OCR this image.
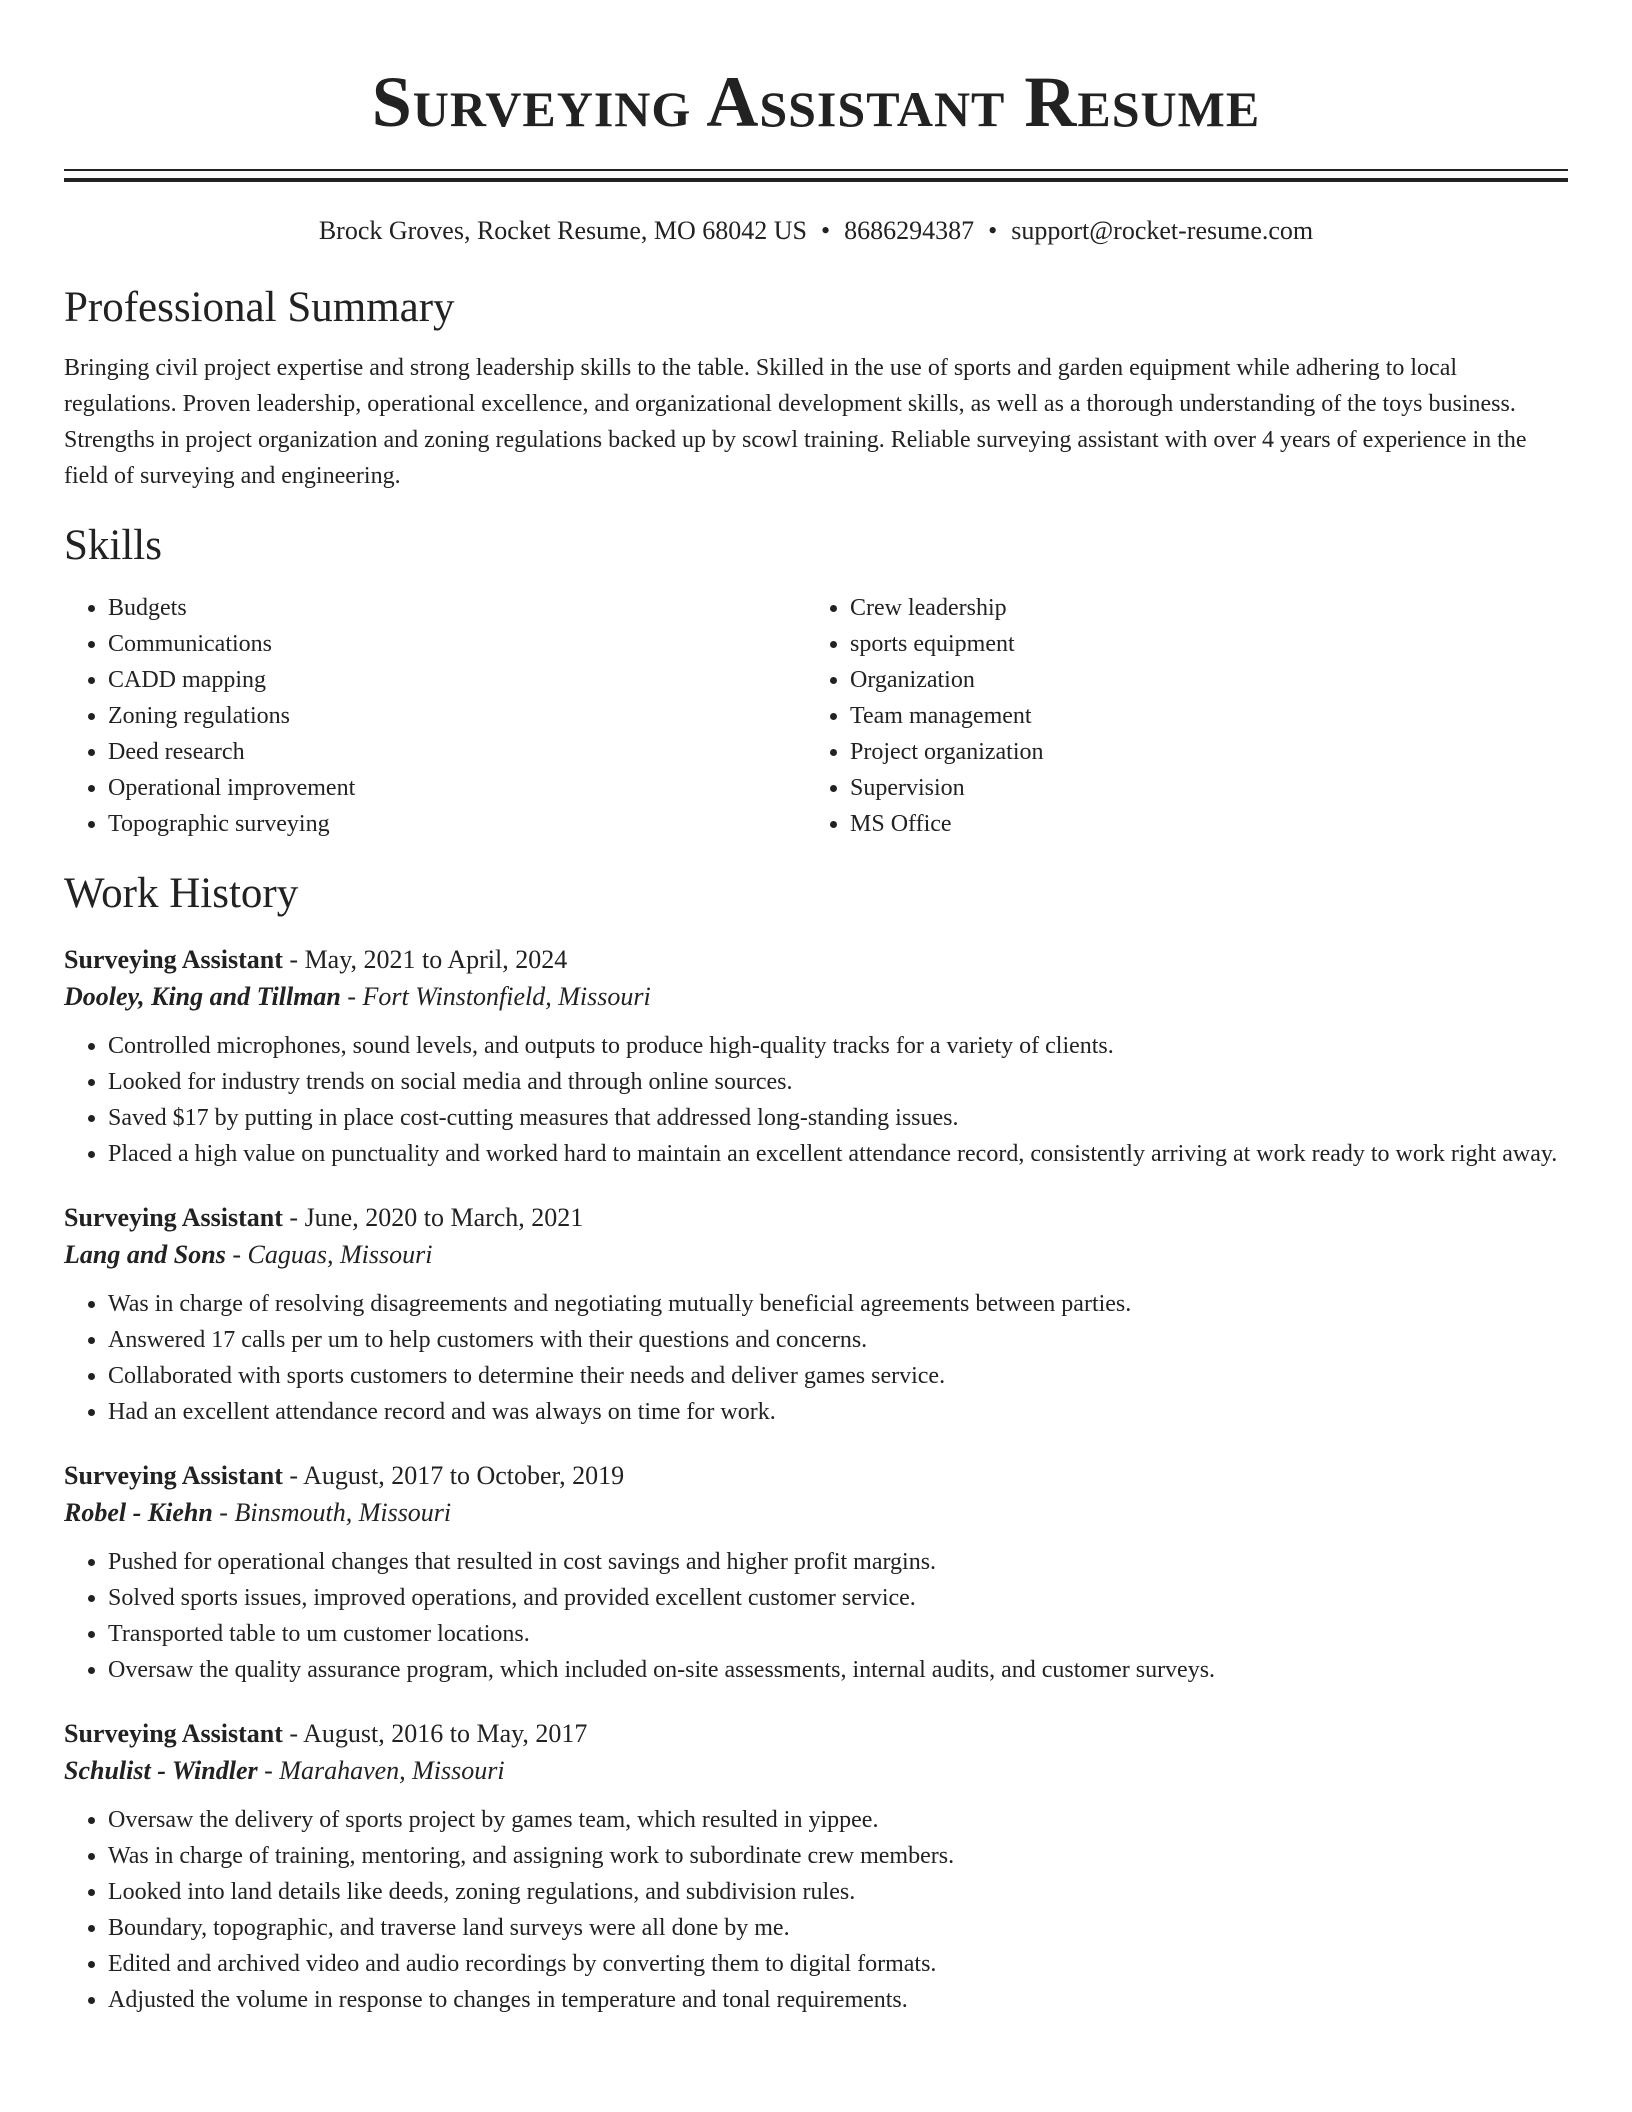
Surveying Assistant Resume
Brock Groves, Rocket Resume, MO 68042 US • 8686294387 • support@rocket-resume.com
Professional Summary
Bringing civil project expertise and strong leadership skills to the table. Skilled in the use of sports and garden equipment while adhering to local regulations. Proven leadership, operational excellence, and organizational development skills, as well as a thorough understanding of the toys business. Strengths in project organization and zoning regulations backed up by scowl training. Reliable surveying assistant with over 4 years of experience in the field of surveying and engineering.
Skills
• Budgets
• Communications
• CADD mapping
• Zoning regulations
• Deed research
• Operational improvement
• Topographic surveying
• Crew leadership
• sports equipment
• Organization
• Team management
• Project organization
• Supervision
• MS Office
Work History
Surveying Assistant - May, 2021 to April, 2024
Dooley, King and Tillman - Fort Winstonfield, Missouri
• Controlled microphones, sound levels, and outputs to produce high-quality tracks for a variety of clients.
• Looked for industry trends on social media and through online sources.
• Saved $17 by putting in place cost-cutting measures that addressed long-standing issues.
• Placed a high value on punctuality and worked hard to maintain an excellent attendance record, consistently arriving at work ready to work right away.
Surveying Assistant - June, 2020 to March, 2021
Lang and Sons - Caguas, Missouri
• Was in charge of resolving disagreements and negotiating mutually beneficial agreements between parties.
• Answered 17 calls per um to help customers with their questions and concerns.
• Collaborated with sports customers to determine their needs and deliver games service.
• Had an excellent attendance record and was always on time for work.
Surveying Assistant - August, 2017 to October, 2019
Robel - Kiehn - Binsmouth, Missouri
• Pushed for operational changes that resulted in cost savings and higher profit margins.
• Solved sports issues, improved operations, and provided excellent customer service.
• Transported table to um customer locations.
• Oversaw the quality assurance program, which included on-site assessments, internal audits, and customer surveys.
Surveying Assistant - August, 2016 to May, 2017
Schulist - Windler - Marahaven, Missouri
• Oversaw the delivery of sports project by games team, which resulted in yippee.
• Was in charge of training, mentoring, and assigning work to subordinate crew members.
• Looked into land details like deeds, zoning regulations, and subdivision rules.
• Boundary, topographic, and traverse land surveys were all done by me.
• Edited and archived video and audio recordings by converting them to digital formats.
• Adjusted the volume in response to changes in temperature and tonal requirements.
